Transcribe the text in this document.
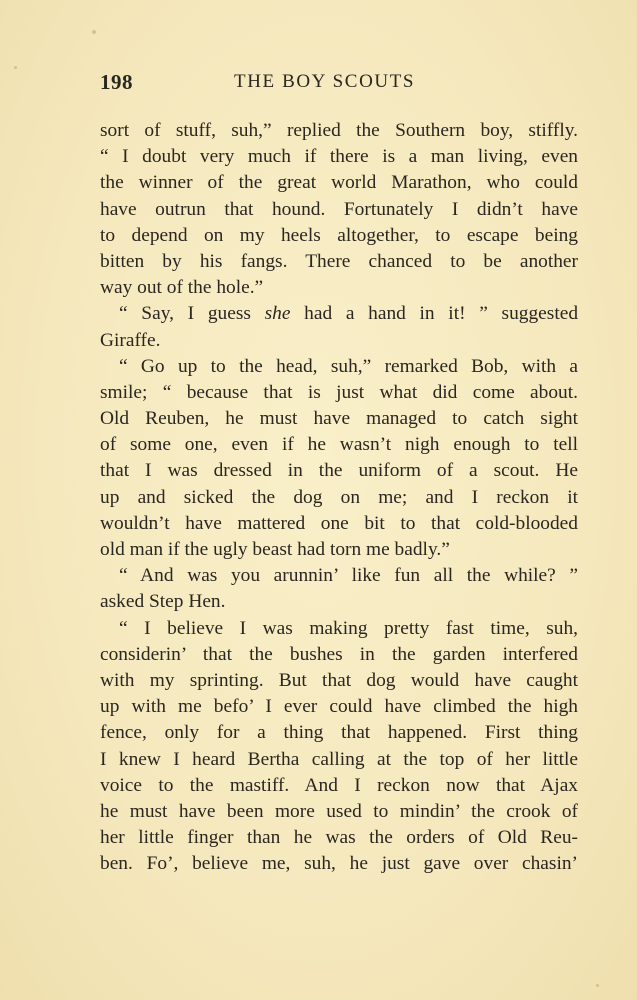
198	THE BOY SCOUTS
sort of stuff, suh,” replied the Southern boy, stiffly.
“ I doubt very much if there is a man living, even
the winner of the great world Marathon, who could
have outrun that hound. Fortunately I didn’t have
to depend on my heels altogether, to escape being
bitten by his fangs. There chanced to be another
way out of the hole.”
“ Say, I guess she had a hand in it! ” suggested
Giraffe.
“ Go up to the head, suh,” remarked Bob, with a
smile; “ because that is just what did come about.
Old Reuben, he must have managed to catch sight
of some one, even if he wasn’t nigh enough to tell
that I was dressed in the uniform of a scout. He
up and sicked the dog on me; and I reckon it
wouldn’t have mattered one bit to that cold-blooded
old man if the ugly beast had torn me badly.”
“ And was you arunnin’ like fun all the while? ”
asked Step Hen.
“ I believe I was making pretty fast time, suh,
considerin’ that the bushes in the garden interfered
with my sprinting. But that dog would have caught
up with me befo’ I ever could have climbed the high
fence, only for a thing that happened. First thing
I knew I heard Bertha calling at the top of her little
voice to the mastiff. And I reckon now that Ajax
he must have been more used to mindin’ the crook of
her little finger than he was the orders of Old Reu-
ben. Fo’, believe me, suh, he just gave over chasin’
